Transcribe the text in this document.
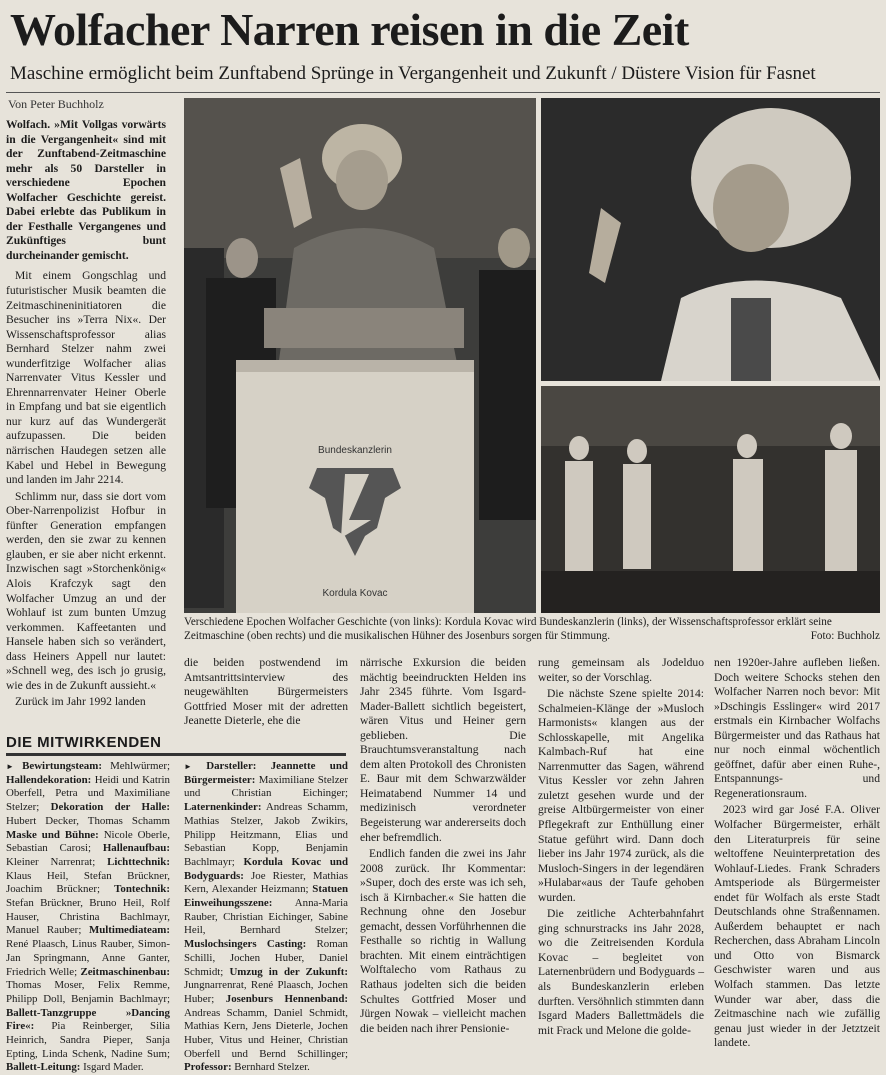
Wolfacher Narren reisen in die Zeit
Maschine ermöglicht beim Zunftabend Sprünge in Vergangenheit und Zukunft / Düstere Vision für Fasnet
Von Peter Buchholz

Wolfach. »Mit Vollgas vorwärts in die Vergangenheit« sind mit der Zunftabend-Zeitmaschine mehr als 50 Darsteller in verschiedene Epochen Wolfacher Geschichte gereist. Dabei erlebte das Publikum in der Festhalle Vergangenes und Zukünftiges bunt durcheinander gemischt.

Mit einem Gongschlag und futuristischer Musik beamten die Zeitmaschineninitiatoren die Besucher ins »Terra Nix«. Der Wissenschaftsprofessor alias Bernhard Stelzer nahm zwei wunderfitzige Wolfacher alias Narrenvater Vitus Kessler und Ehrennarrenvater Heiner Oberle in Empfang und bat sie eigentlich nur kurz auf das Wundergerät aufzupassen. Die beiden närrischen Haudegen setzen alle Kabel und Hebel in Bewegung und landen im Jahr 2214.

Schlimm nur, dass sie dort vom Ober-Narrenpolizist Hofbur in fünfter Generation empfangen werden, den sie zwar zu kennen glauben, er sie aber nicht erkennt. Inzwischen sagt »Storchenkönig« Alois Krafczyk sagt den Wolfacher Umzug an und der Wohlauf ist zum bunten Umzug verkommen. Kaffeetanten und Hansele haben sich so verändert, dass Heiners Appell nur lautet: »Schnell weg, des isch jo grusig, wie des in de Zukunft aussieht.«

Zurück im Jahr 1992 landen

Bundeskanzlerin
Kordula Kovac
Verschiedene Epochen Wolfacher Geschichte (von links): Kordula Kovac wird Bundeskanzlerin (links), der Wissenschaftsprofessor erklärt seine Zeitmaschine (oben rechts) und die musikalischen Hühner des Josenburs sorgen für Stimmung.	Foto: Buchholz

die beiden postwendend im Amtsantrittsinterview des neugewählten Bürgermeisters Gottfried Moser mit der adretten Jeanette Dieterle, ehe die

närrische Exkursion die beiden mächtig beeindruckten Helden ins Jahr 2345 führte. Vom Isgard-Mader-Ballett sichtlich begeistert, wären Vitus und Heiner gern geblieben. Die Brauchtumsveranstaltung nach dem alten Protokoll des Chronisten E. Baur mit dem Schwarzwälder Heimatabend Nummer 14 und medizinisch verordneter Begeisterung war andererseits doch eher befremdlich.

Endlich fanden die zwei ins Jahr 2008 zurück. Ihr Kommentar: »Super, doch des erste was ich seh, isch ä Kirnbacher.« Sie hatten die Rechnung ohne den Josebur gemacht, dessen Vorführhennen die Festhalle so richtig in Wallung brachten. Mit einem einträchtigen Wolftalecho vom Rathaus zu Rathaus jodelten sich die beiden Schultes Gottfried Moser und Jürgen Nowak – vielleicht machen die beiden nach ihrer Pensionie-

rung gemeinsam als Jodelduo weiter, so der Vorschlag.

Die nächste Szene spielte 2014: Schalmeien-Klänge der »Musloch Harmonists« klangen aus der Schlosskapelle, mit Angelika Kalmbach-Ruf hat eine Narrenmutter das Sagen, während Vitus Kessler vor zehn Jahren zuletzt gesehen wurde und der greise Altbürgermeister von einer Pflegekraft zur Enthüllung einer Statue geführt wird. Dann doch lieber ins Jahr 1974 zurück, als die Musloch-Singers in der legendären »Hulabar«aus der Taufe gehoben wurden.

Die zeitliche Achterbahnfahrt ging schnurstracks ins Jahr 2028, wo die Zeitreisenden Kordula Kovac – begleitet von Laternenbrüdern und Bodyguards – als Bundeskanzlerin erleben durften. Versöhnlich stimmten dann Isgard Maders Ballettmädels die mit Frack und Melone die golde-

nen 1920er-Jahre aufleben ließen. Doch weitere Schocks stehen den Wolfacher Narren noch bevor: Mit »Dschingis Esslinger« wird 2017 erstmals ein Kirnbacher Wolfachs Bürgermeister und das Rathaus hat nur noch einmal wöchentlich geöffnet, dafür aber einen Ruhe-, Entspannungs- und Regenerationsraum.

2023 wird gar José F.A. Oliver Wolfacher Bürgermeister, erhält den Literaturpreis für seine weltoffene Neuinterpretation des Wohlauf-Liedes. Frank Schraders Amtsperiode als Bürgermeister endet für Wolfach als erste Stadt Deutschlands ohne Straßennamen. Außerdem behauptet er nach Recherchen, dass Abraham Lincoln und Otto von Bismarck Geschwister waren und aus Wolfach stammen. Das letzte Wunder war aber, dass die Zeitmaschine nach wie zufällig genau just wieder in der Jetztzeit landete.

DIE MITWIRKENDEN

► Bewirtungsteam: Mehlwürmer; Hallendekoration: Heidi und Katrin Oberfell, Petra und Maximiliane Stelzer; Dekoration der Halle: Hubert Decker, Thomas Schamm Maske und Bühne: Nicole Oberle, Sebastian Carosi; Hallenaufbau: Kleiner Narrenrat; Lichttechnik: Klaus Heil, Stefan Brückner, Joachim Brückner; Tontechnik: Stefan Brückner, Bruno Heil, Rolf Hauser, Christina Bachlmayr, Manuel Rauber; Multimediateam: René Plaasch, Linus Rauber, Simon-Jan Springmann, Anne Ganter, Friedrich Welle; Zeitmaschinenbau: Thomas Moser, Felix Remme, Philipp Doll, Benjamin Bachlmayr; Ballett-Tanzgruppe »Dancing Fire«: Pia Reinberger, Silia Heinrich, Sandra Pieper, Sanja Epting, Linda Schenk, Nadine Sum; Ballett-Leitung: Isgard Mader.

► Darsteller: Jeannette und Bürgermeister: Maximiliane Stelzer und Christian Eichinger; Laternenkinder: Andreas Schamm, Mathias Stelzer, Jakob Zwikirs, Philipp Heitzmann, Elias und Sebastian Kopp, Benjamin Bachlmayr; Kordula Kovac und Bodyguards: Joe Riester, Mathias Kern, Alexander Heizmann; Statuen Einweihungsszene: Anna-Maria Rauber, Christian Eichinger, Sabine Heil, Bernhard Stelzer; Muslochsingers Casting: Roman Schilli, Jochen Huber, Daniel Schmidt; Umzug in der Zukunft: Jungnarrenrat, René Plaasch, Jochen Huber; Josenburs Hennenband: Andreas Schamm, Daniel Schmidt, Mathias Kern, Jens Dieterle, Jochen Huber, Vitus und Heiner, Christian Oberfell und Bernd Schillinger; Professor: Bernhard Stelzer.
